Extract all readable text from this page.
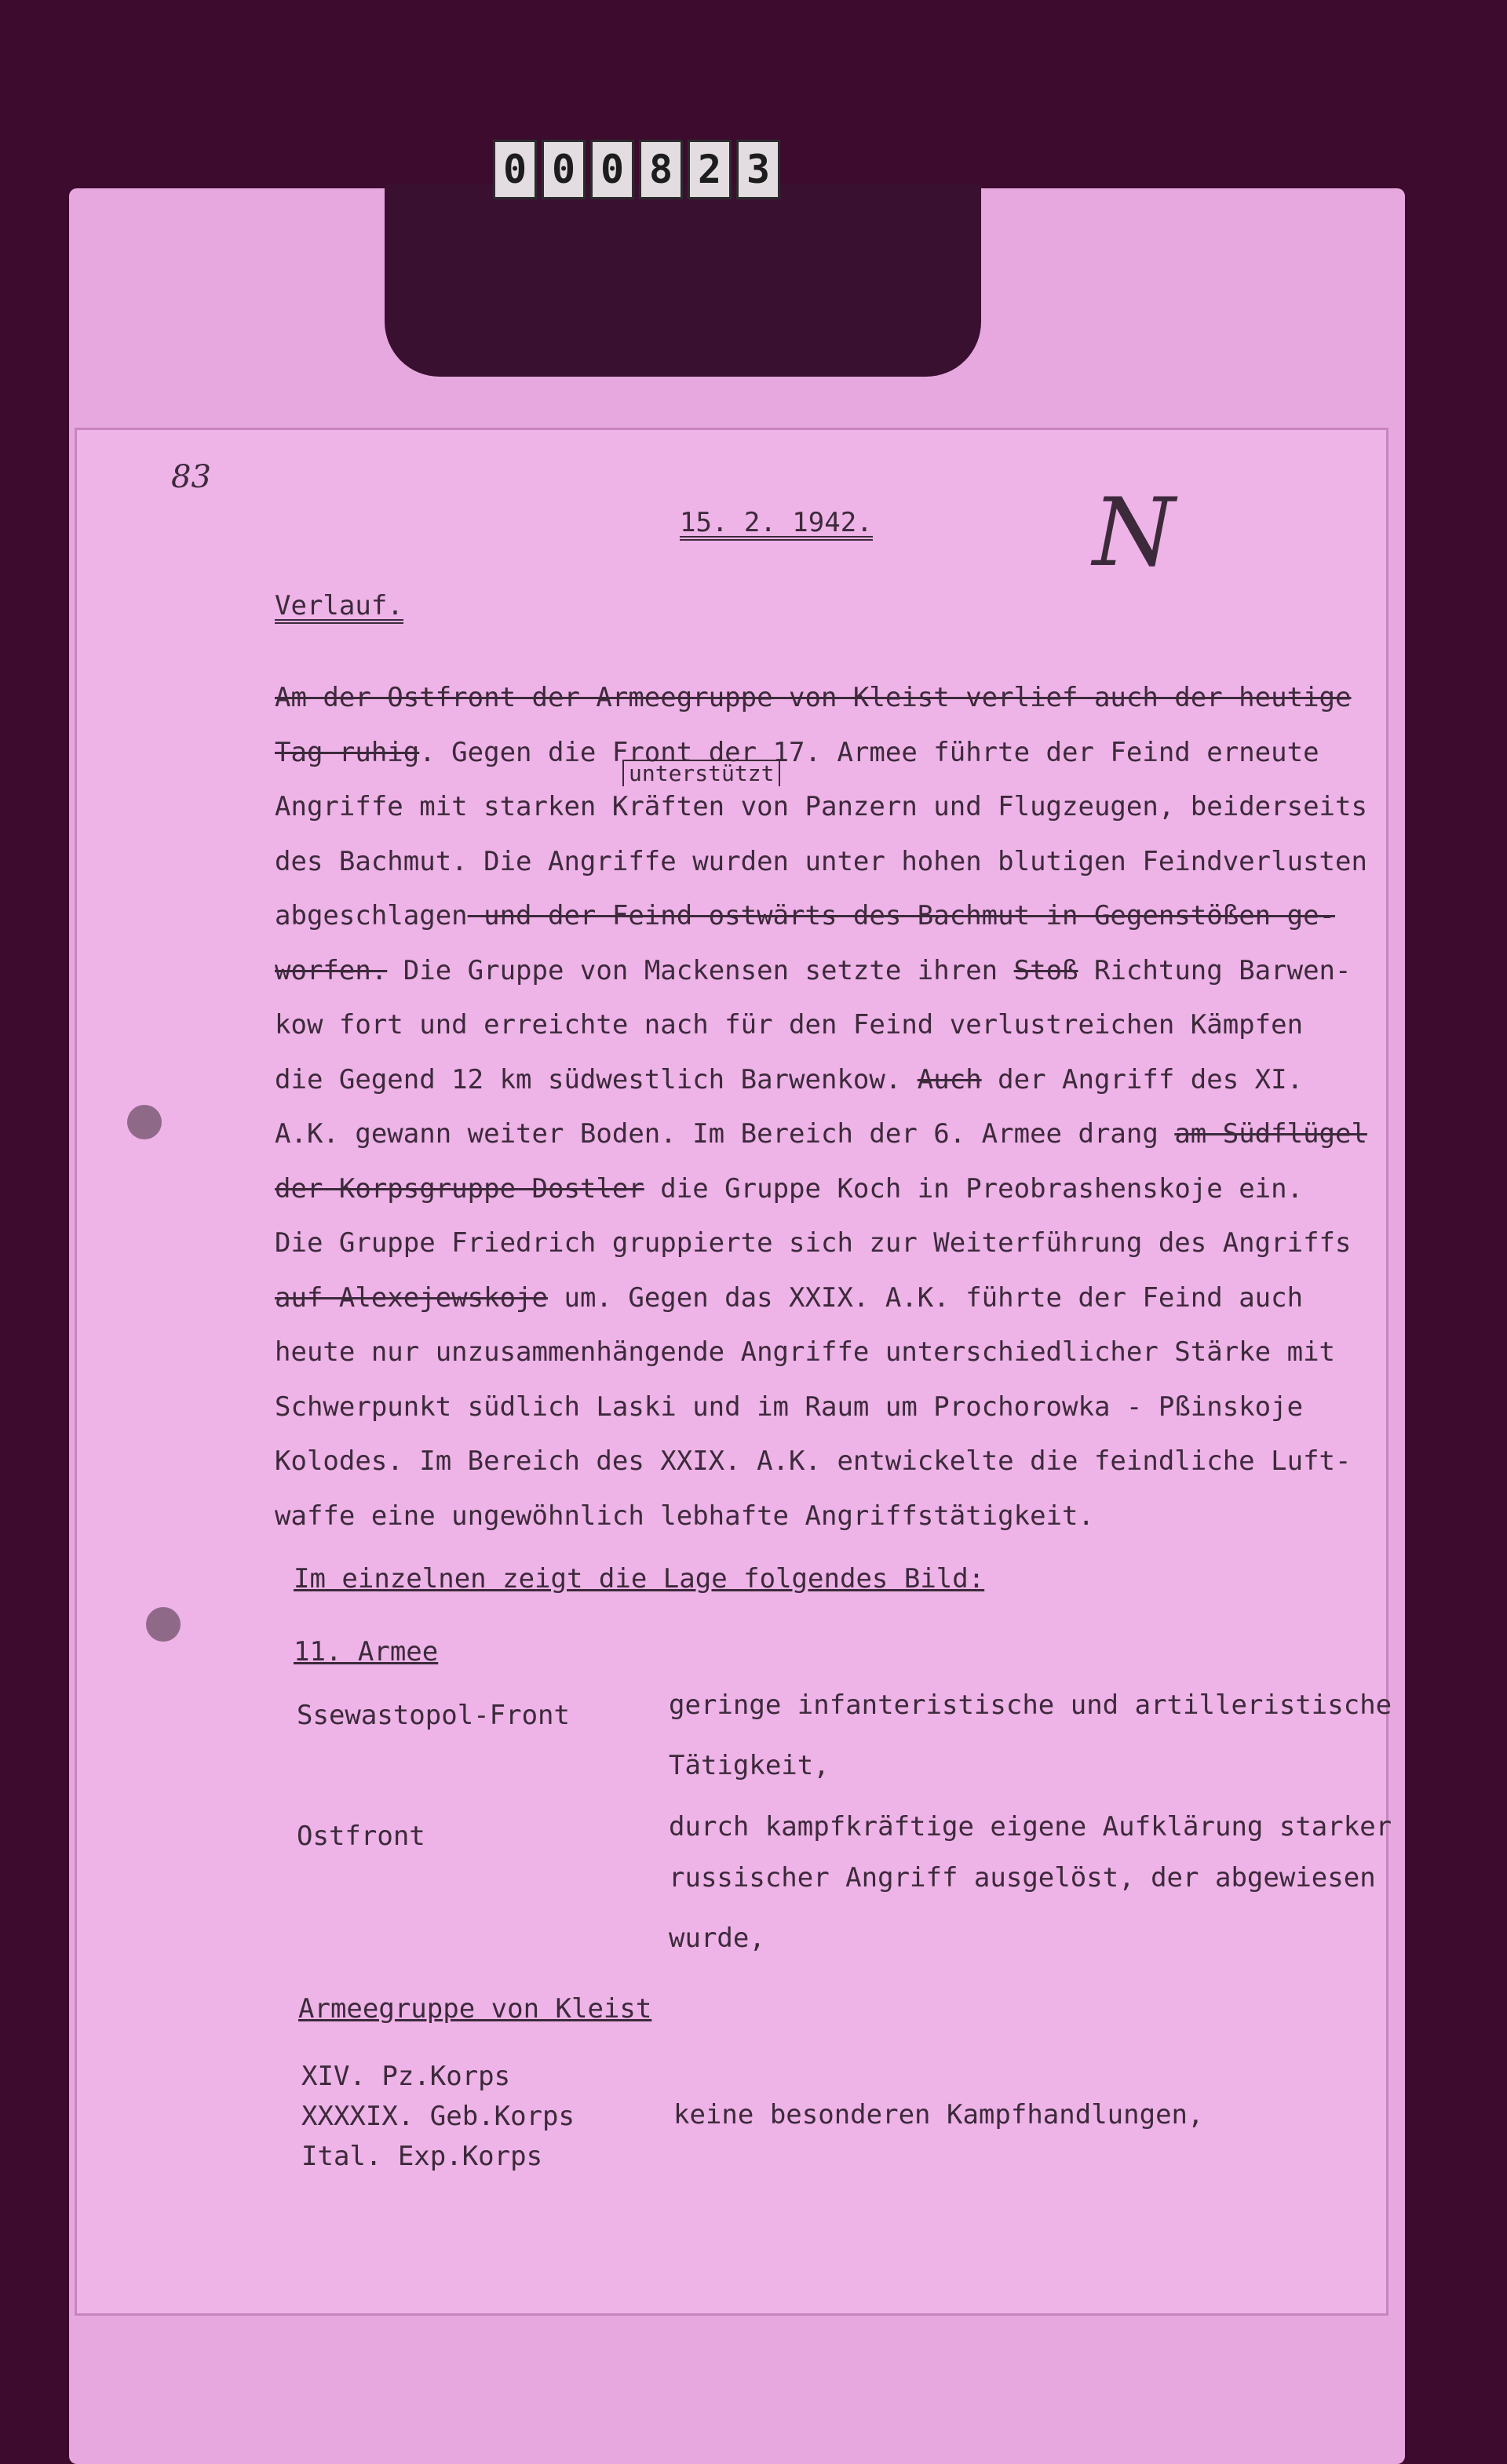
0 0 0 8 2 3
83
N
15. 2. 1942.
Verlauf.
unterstützt

Am der Ostfront der Armeegruppe von Kleist verlief auch der heutige

Tag ruhig. Gegen die Front der 17. Armee führte der Feind erneute

Angriffe mit starken Kräften von Panzern und Flugzeugen, beiderseits

des Bachmut. Die Angriffe wurden unter hohen blutigen Feindverlusten

abgeschlagen und der Feind ostwärts des Bachmut in Gegenstößen ge-

worfen. Die Gruppe von Mackensen setzte ihren Stoß Richtung Barwen-

kow fort und erreichte nach für den Feind verlustreichen Kämpfen

die Gegend 12 km südwestlich Barwenkow. Auch der Angriff des XI.

A.K. gewann weiter Boden. Im Bereich der 6. Armee drang am Südflügel

der Korpsgruppe Dostler die Gruppe Koch in Preobrashenskoje ein.

Die Gruppe Friedrich gruppierte sich zur Weiterführung des Angriffs

auf Alexejewskoje um. Gegen das XXIX. A.K. führte der Feind auch

heute nur unzusammenhängende Angriffe unterschiedlicher Stärke mit

Schwerpunkt südlich Laski und im Raum um Prochorowka - Pßinskoje

Kolodes. Im Bereich des XXIX. A.K. entwickelte die feindliche Luft-

waffe eine ungewöhnlich lebhafte Angriffstätigkeit.

Im einzelnen zeigt die Lage folgendes Bild:
11. Armee
Ssewastopol-Front	geringe infanteristische und artilleristische
Tätigkeit,
Ostfront	durch kampfkräftige eigene Aufklärung starker
russischer Angriff ausgelöst, der abgewiesen
wurde,
Armeegruppe von Kleist
XIV. Pz.Korps
XXXXIX. Geb.Korps
Ital. Exp.Korps
keine besonderen Kampfhandlungen,
